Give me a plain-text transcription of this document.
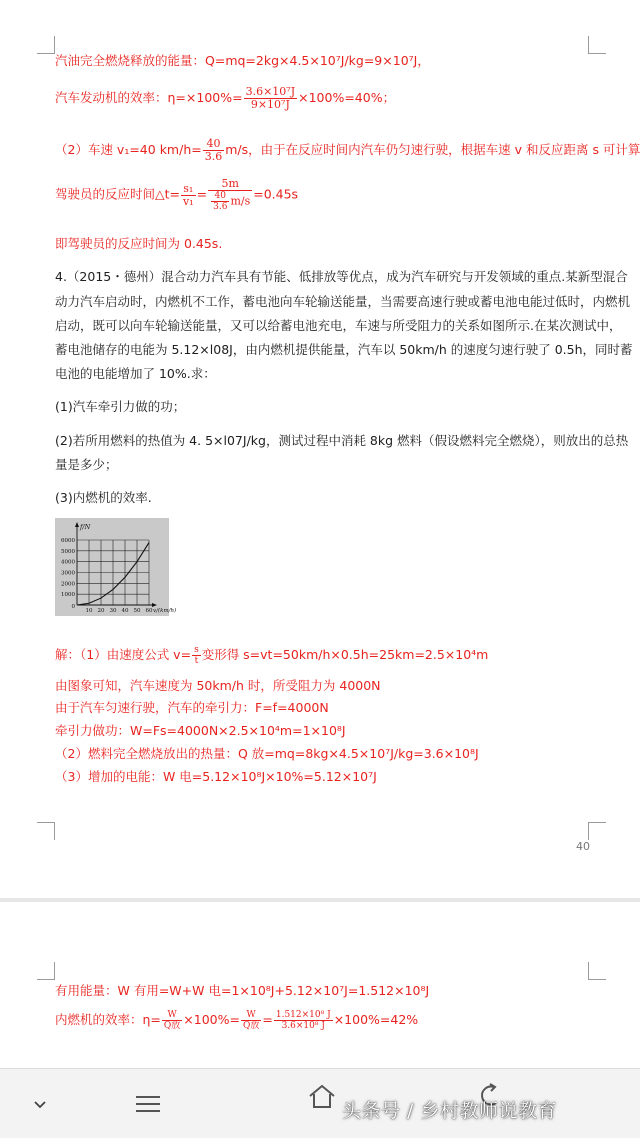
汽油完全燃烧释放的能量：Q=mq=2kg×4.5×10⁷J/kg=9×10⁷J，
汽车发动机的效率：$\eta=\times 100\%= \frac{\text{3.6×10⁷J}}{\text{9×10⁷J}} \times 100\%=40\%$；
（2）车速 v₁=40 $km/h= \frac{40}{3.6} m/s$，由于在反应时间内汽车仍匀速行驶，根据车速 v 和反应距离 s 可计算
驾驶员的反应时间△t= $\frac{\text{s₁}}{\text{v₁}} = \frac{5m}{\frac{40}{3.6} m/s} =0.45s$
即驾驶员的反应时间为 0.45s.
4.（2015・德州）混合动力汽车具有节能、低排放等优点，成为汽车研究与开发领域的重点.某新型混合
动力汽车启动时，内燃机不工作，蓄电池向车轮输送能量，当需要高速行驶或蓄电池电能过低时，内燃机
启动，既可以向车轮输送能量，又可以给蓄电池充电，车速与所受阻力的关系如图所示.在某次测试中，
蓄电池储存的电能为 5.12×l08J，由内燃机提供能量，汽车以 50km/h 的速度匀速行驶了 0.5h，同时蓄
电池的电能增加了 10%.求：
(1)汽车牵引力做的功；
(2)若所用燃料的热值为 4. 5×l07J/kg，测试过程中消耗 8kg 燃料（假设燃料完全燃烧），则放出的总热
量是多少；
(3)内燃机的效率.
f/N
6000
5000
4000
3000
2000
1000
0
10 20 30 40 50 60 v/(km/h)
解：（1）由速度公式 $v= \frac{s}{t}$ 变形得 s=vt=50km/h×0.5h=25km=2.5×10⁴m
由图象可知，汽车速度为 50km/h 时，所受阻力为 4000N
由于汽车匀速行驶，汽车的牵引力：F=f=4000N
牵引力做功：W=Fs=4000N×2.5×10⁴m=1×10⁸J
（2）燃料完全燃烧放出的热量：Q 放=mq=8kg×4.5×10⁷J/kg=3.6×10⁸J
（3）增加的电能：W 电=5.12×10⁸J×10%=5.12×10⁷J
40
有用能量：W 有用=W+W 电=1×10⁸J+5.12×10⁷J=1.512×10⁸J
内燃机的效率：$\eta= \frac{W}{\text{Q放}} \times 100\%= \frac{W}{\text{Q放}} = \frac{\text{1.512×10⁸ J}}{\text{3.6×10⁸ J}} \times 100\%=42\%$
头条号 / 乡村教师说教育
